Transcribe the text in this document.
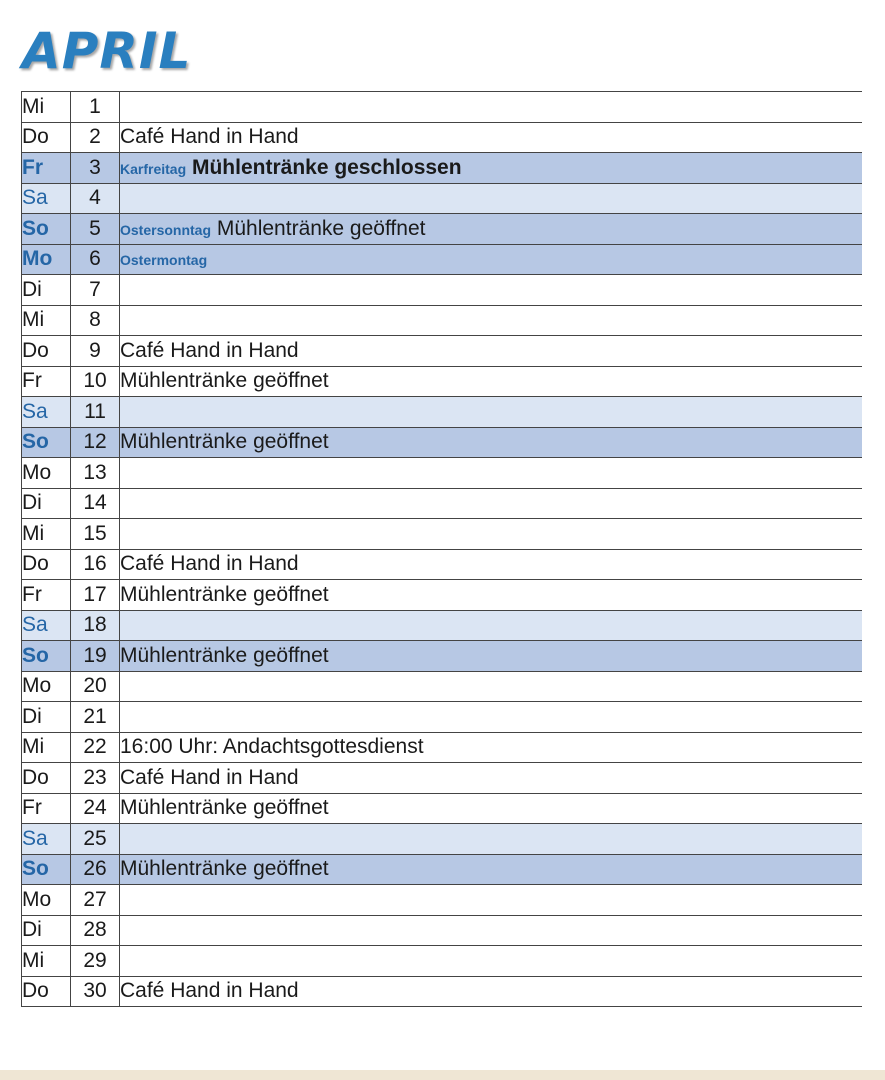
APRIL
Mi	1	
Do	2	Café Hand in Hand
Fr	3	Karfreitag Mühlentränke geschlossen
Sa	4	
So	5	Ostersonntag Mühlentränke geöffnet
Mo	6	Ostermontag
Di	7	
Mi	8	
Do	9	Café Hand in Hand
Fr	10	Mühlentränke geöffnet
Sa	11	
So	12	Mühlentränke geöffnet
Mo	13	
Di	14	
Mi	15	
Do	16	Café Hand in Hand
Fr	17	Mühlentränke geöffnet
Sa	18	
So	19	Mühlentränke geöffnet
Mo	20	
Di	21	
Mi	22	16:00 Uhr: Andachtsgottesdienst
Do	23	Café Hand in Hand
Fr	24	Mühlentränke geöffnet
Sa	25	
So	26	Mühlentränke geöffnet
Mo	27	
Di	28	
Mi	29	
Do	30	Café Hand in Hand
